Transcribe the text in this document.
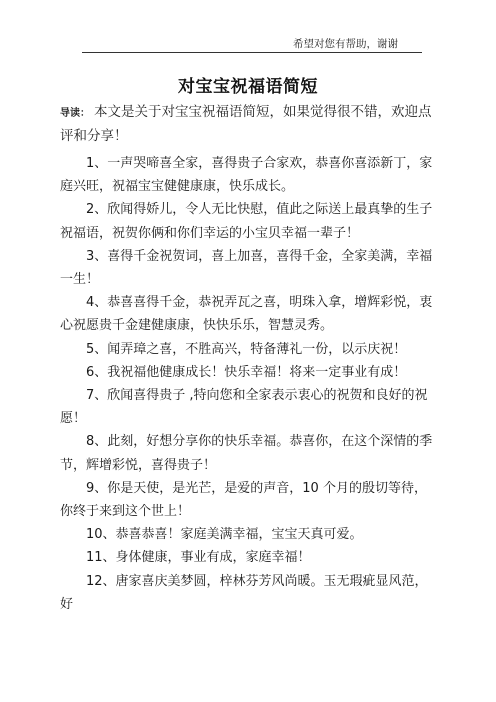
希望对您有帮助，谢谢
对宝宝祝福语简短
导读： 本文是关于对宝宝祝福语简短，如果觉得很不错，欢迎点评和分享！

1、一声哭啼喜全家，喜得贵子合家欢，恭喜你喜添新丁，家庭兴旺，祝福宝宝健健康康，快乐成长。

2、欣闻得娇儿，令人无比快慰，值此之际送上最真挚的生子祝福语，祝贺你俩和你们幸运的小宝贝幸福一辈子！

3、喜得千金祝贺词，喜上加喜，喜得千金，全家美满，幸福一生！

4、恭喜喜得千金，恭祝弄瓦之喜，明珠入拿，增辉彩悦，衷心祝愿贵千金建健康康，快快乐乐，智慧灵秀。

5、闻弄璋之喜，不胜高兴，特备薄礼一份，以示庆祝！

6、我祝福他健康成长！快乐幸福！将来一定事业有成！

7、欣闻喜得贵子 ,特向您和全家表示衷心的祝贺和良好的祝愿！

8、此刻，好想分享你的快乐幸福。恭喜你，在这个深情的季节，辉增彩悦，喜得贵子！

9、你是天使，是光芒，是爱的声音，10 个月的殷切等待，你终于来到这个世上！

10、恭喜恭喜！家庭美满幸福，宝宝天真可爱。

11、身体健康，事业有成，家庭幸福！

12、唐家喜庆美梦圆，梓林芬芳风尚暖。玉无瑕疵显风范，好
